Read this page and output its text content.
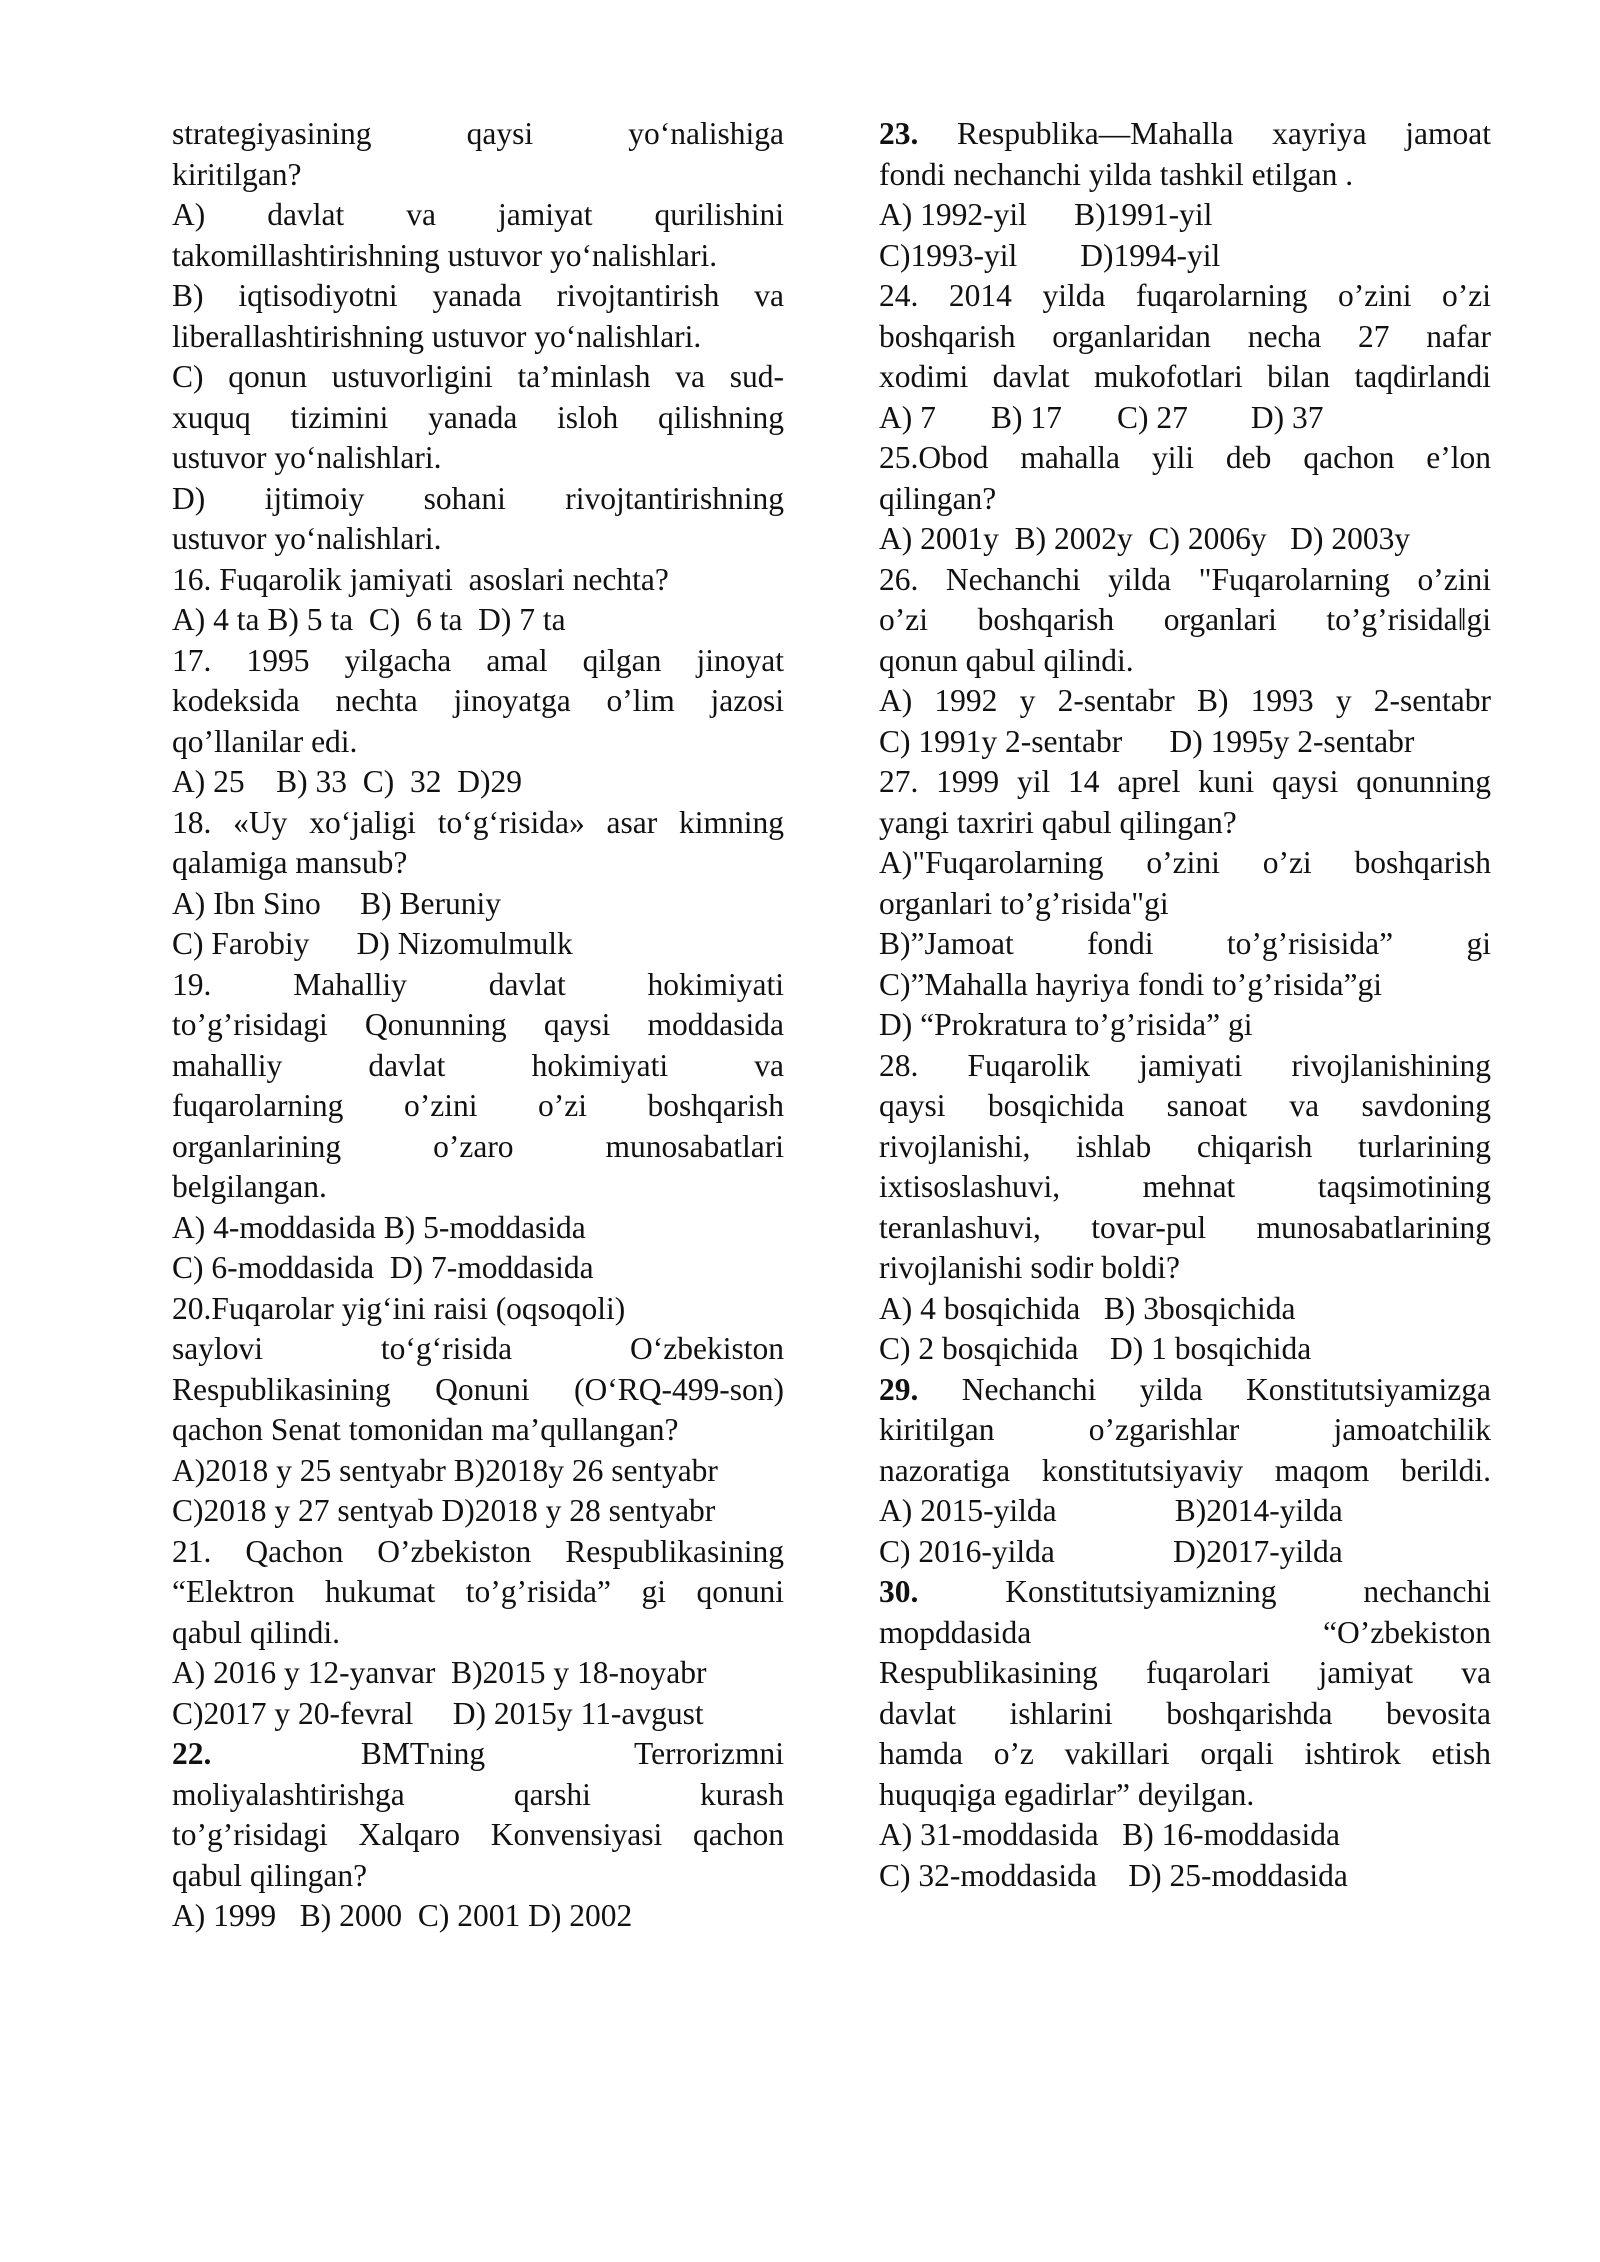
strategiyasining qaysi yo‘nalishiga
kiritilgan?
A) davlat va jamiyat qurilishini
takomillashtirishning ustuvor yo‘nalishlari.
B) iqtisodiyotni yanada rivojtantirish va
liberallashtirishning ustuvor yo‘nalishlari.
C) qonun ustuvorligini ta’minlash va sud-
xuquq tizimini yanada isloh qilishning
ustuvor yo‘nalishlari.
D) ijtimoiy sohani rivojtantirishning
ustuvor yo‘nalishlari.
16. Fuqarolik jamiyati  asoslari nechta?
A) 4 ta B) 5 ta  C)  6 ta  D) 7 ta
17. 1995 yilgacha amal qilgan jinoyat
kodeksida nechta jinoyatga o’lim jazosi
qo’llanilar edi.
A) 25    B) 33  C)  32  D)29
18. «Uy xo‘jaligi to‘g‘risida» asar kimning
qalamiga mansub?
A) Ibn Sino     B) Beruniy
C) Farobiy      D) Nizomulmulk
19. Mahalliy davlat hokimiyati
to’g’risidagi Qonunning qaysi moddasida
mahalliy davlat hokimiyati va
fuqarolarning o’zini o’zi boshqarish
organlarining o’zaro munosabatlari
belgilangan.
A) 4-moddasida B) 5-moddasida
C) 6-moddasida  D) 7-moddasida
20.Fuqarolar yig‘ini raisi (oqsoqoli)
saylovi to‘g‘risida O‘zbekiston
Respublikasining Qonuni (O‘RQ-499-son)
qachon Senat tomonidan ma’qullangan?
A)2018 y 25 sentyabr B)2018y 26 sentyabr
C)2018 y 27 sentyab D)2018 y 28 sentyabr
21. Qachon O’zbekiston Respublikasining
“Elektron hukumat to’g’risida” gi qonuni
qabul qilindi.
A) 2016 y 12-yanvar  B)2015 y 18-noyabr
C)2017 y 20-fevral     D) 2015y 11-avgust
22.	BMTning Terrorizmni
moliyalashtirishga qarshi kurash
to’g’risidagi Xalqaro Konvensiyasi qachon
qabul qilingan?
A) 1999   B) 2000  C) 2001 D) 2002
23. Respublika—Mahalla xayriya jamoat
fondi nechanchi yilda tashkil etilgan .
A) 1992-yil      B)1991-yil
C)1993-yil        D)1994-yil
24. 2014 yilda fuqarolarning o’zini o’zi
boshqarish organlaridan necha 27 nafar
xodimi davlat mukofotlari bilan taqdirlandi
A) 7       B) 17       C) 27        D) 37
25.Obod mahalla yili deb qachon e’lon
qilingan?
A) 2001y  B) 2002y  C) 2006y   D) 2003y
26. Nechanchi yilda "Fuqarolarning o’zini
o’zi boshqarish organlari to’g’risida‖gi
qonun qabul qilindi.
A) 1992 y 2-sentabr B) 1993 y 2-sentabr
C) 1991y 2-sentabr      D) 1995y 2-sentabr
27. 1999 yil 14 aprel kuni qaysi qonunning
yangi taxriri qabul qilingan?
A)"Fuqarolarning o’zini o’zi boshqarish
organlari to’g’risida"gi
B)”Jamoat fondi to’g’risisida” gi
C)”Mahalla hayriya fondi to’g’risida”gi
D) “Prokratura to’g’risida” gi
28. Fuqarolik jamiyati rivojlanishining
qaysi bosqichida sanoat va savdoning
rivojlanishi, ishlab chiqarish turlarining
ixtisoslashuvi, mehnat taqsimotining
teranlashuvi, tovar-pul munosabatlarining
rivojlanishi sodir boldi?
A) 4 bosqichida   B) 3bosqichida
C) 2 bosqichida    D) 1 bosqichida
29. Nechanchi yilda Konstitutsiyamizga
kiritilgan o’zgarishlar jamoatchilik
nazoratiga konstitutsiyaviy maqom berildi.
A) 2015-yilda               B)2014-yilda
C) 2016-yilda               D)2017-yilda
30.	Konstitutsiyamizning nechanchi
mopddasida “O’zbekiston
Respublikasining fuqarolari jamiyat va
davlat ishlarini boshqarishda bevosita
hamda o’z vakillari orqali ishtirok etish
huquqiga egadirlar” deyilgan.
A) 31-moddasida   B) 16-moddasida
C) 32-moddasida    D) 25-moddasida
